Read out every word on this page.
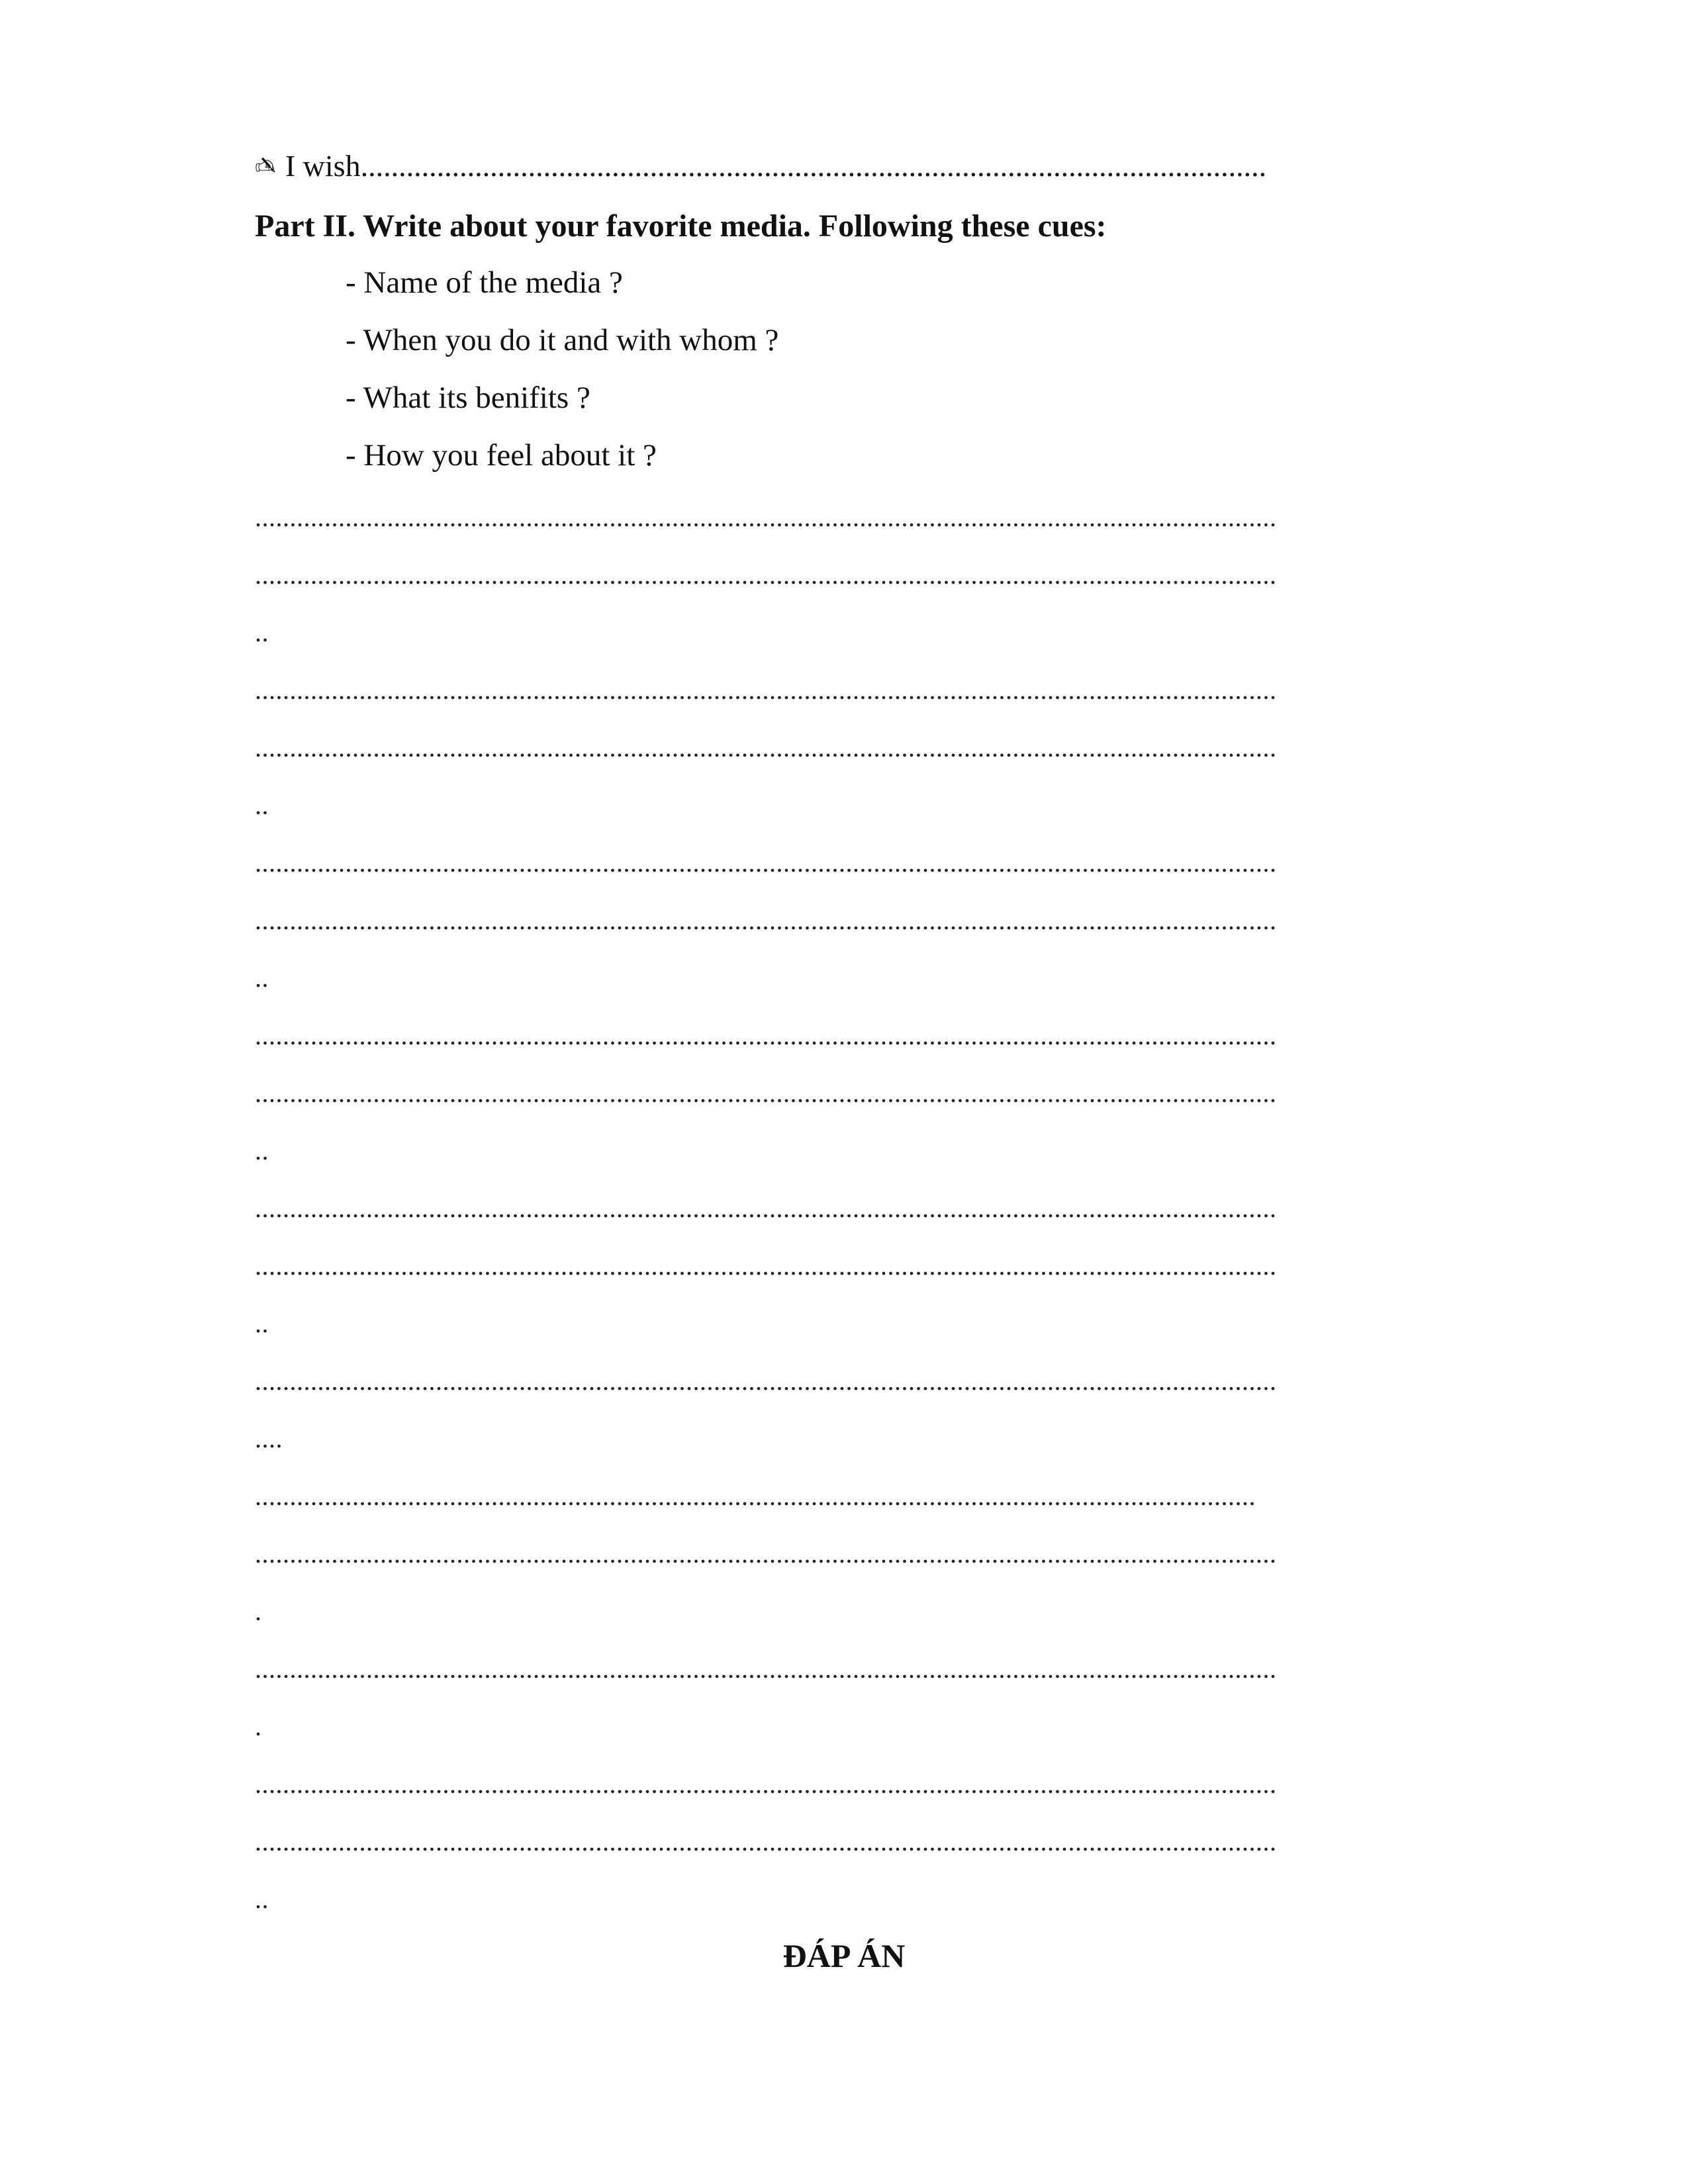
✍ I wish.......................................................................................................................
Part II. Write about your favorite media. Following these cues:
- Name of the media ?
- When you do it and with whom ?
- What its benifits ?
- How you feel about it ?
...................................................................................................................................................
...................................................................................................................................................
..
...................................................................................................................................................
...................................................................................................................................................
..
...................................................................................................................................................
...................................................................................................................................................
..
...................................................................................................................................................
...................................................................................................................................................
..
...................................................................................................................................................
...................................................................................................................................................
..
...................................................................................................................................................
....
................................................................................................................................................
...................................................................................................................................................
.
...................................................................................................................................................
.
...................................................................................................................................................
...................................................................................................................................................
..
ĐÁP ÁN
